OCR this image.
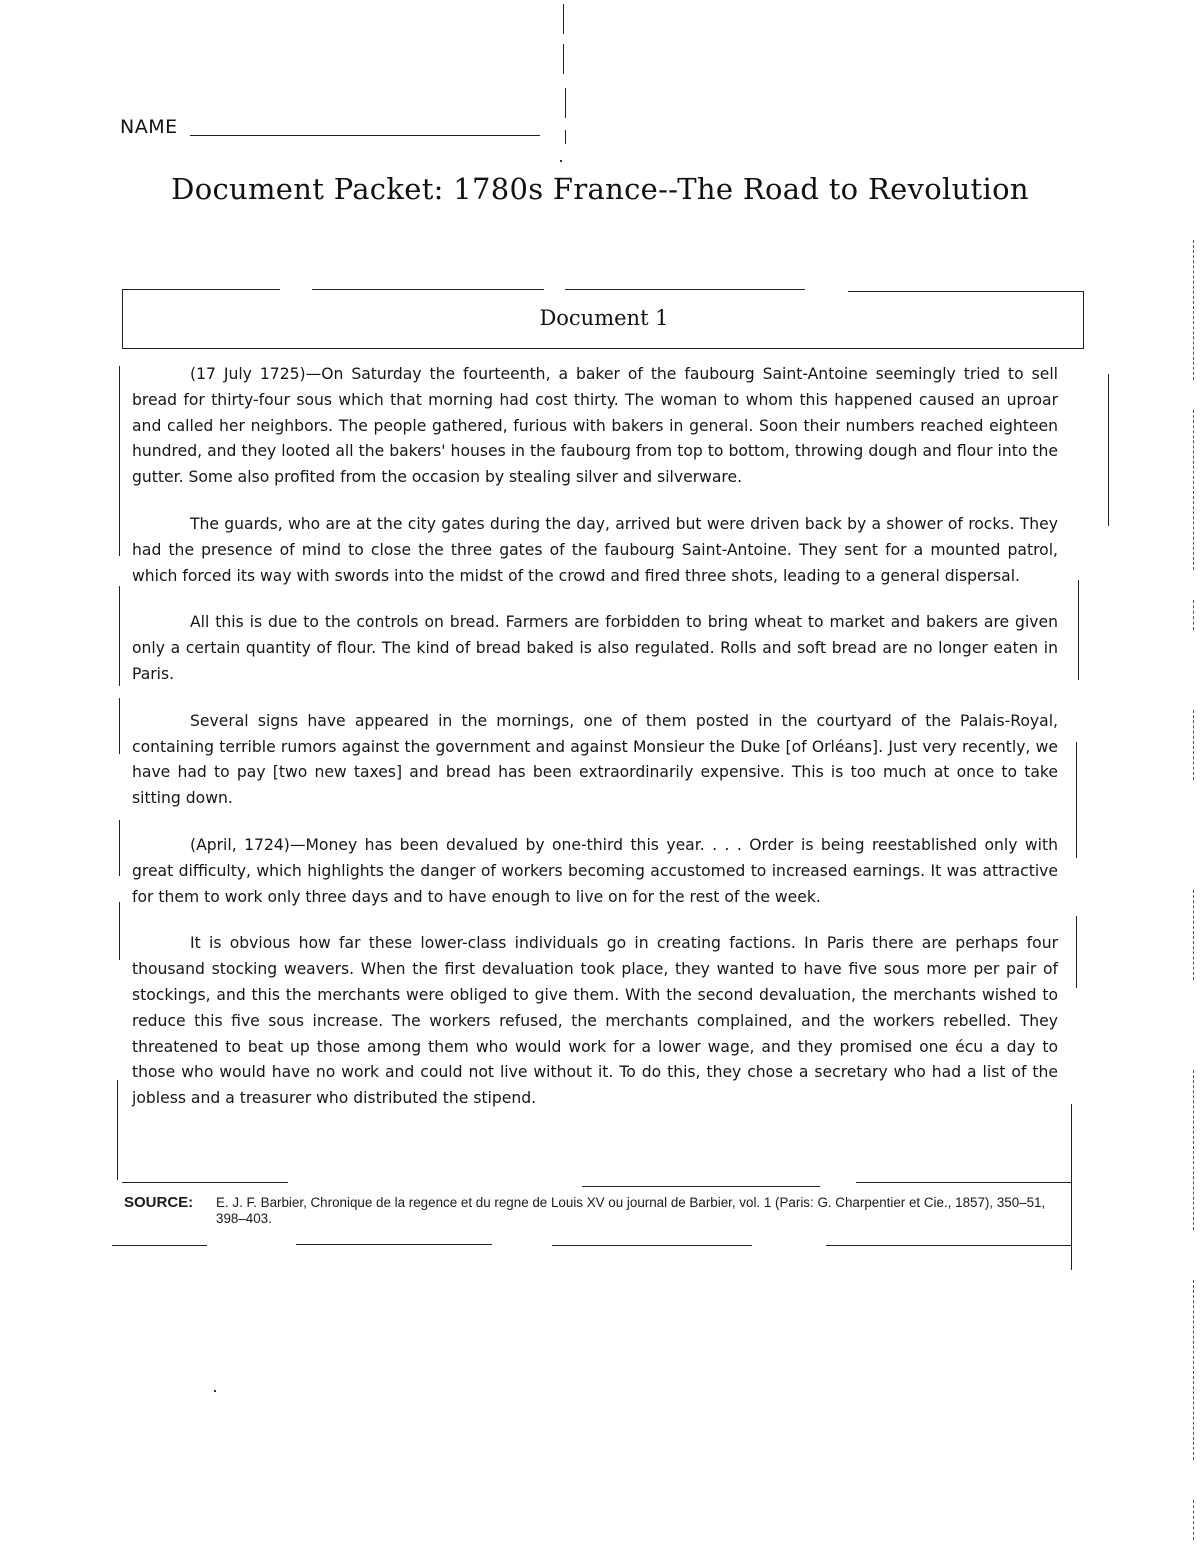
NAME
Document Packet: 1780s France--The Road to Revolution
Document 1

(17 July 1725)—On Saturday the fourteenth, a baker of the faubourg Saint-Antoine seemingly tried to sell bread for thirty-four sous which that morning had cost thirty. The woman to whom this happened caused an uproar and called her neighbors. The people gathered, furious with bakers in general. Soon their numbers reached eighteen hundred, and they looted all the bakers' houses in the faubourg from top to bottom, throwing dough and flour into the gutter. Some also profited from the occasion by stealing silver and silverware.

The guards, who are at the city gates during the day, arrived but were driven back by a shower of rocks. They had the presence of mind to close the three gates of the faubourg Saint-Antoine. They sent for a mounted patrol, which forced its way with swords into the midst of the crowd and fired three shots, leading to a general dispersal.

All this is due to the controls on bread. Farmers are forbidden to bring wheat to market and bakers are given only a certain quantity of flour. The kind of bread baked is also regulated. Rolls and soft bread are no longer eaten in Paris.

Several signs have appeared in the mornings, one of them posted in the courtyard of the Palais-Royal, containing terrible rumors against the government and against Monsieur the Duke [of Orléans]. Just very recently, we have had to pay [two new taxes] and bread has been extraordinarily expensive. This is too much at once to take sitting down.

(April, 1724)—Money has been devalued by one-third this year. . . . Order is being reestablished only with great difficulty, which highlights the danger of workers becoming accustomed to increased earnings. It was attractive for them to work only three days and to have enough to live on for the rest of the week.

It is obvious how far these lower-class individuals go in creating factions. In Paris there are perhaps four thousand stocking weavers. When the first devaluation took place, they wanted to have five sous more per pair of stockings, and this the merchants were obliged to give them. With the second devaluation, the merchants wished to reduce this five sous increase. The workers refused, the merchants complained, and the workers rebelled. They threatened to beat up those among them who would work for a lower wage, and they promised one écu a day to those who would have no work and could not live without it. To do this, they chose a secretary who had a list of the jobless and a treasurer who distributed the stipend.

SOURCE: E. J. F. Barbier, Chronique de la regence et du regne de Louis XV ou journal de Barbier, vol. 1 (Paris: G. Charpentier et Cie., 1857), 350–51, 398–403.
